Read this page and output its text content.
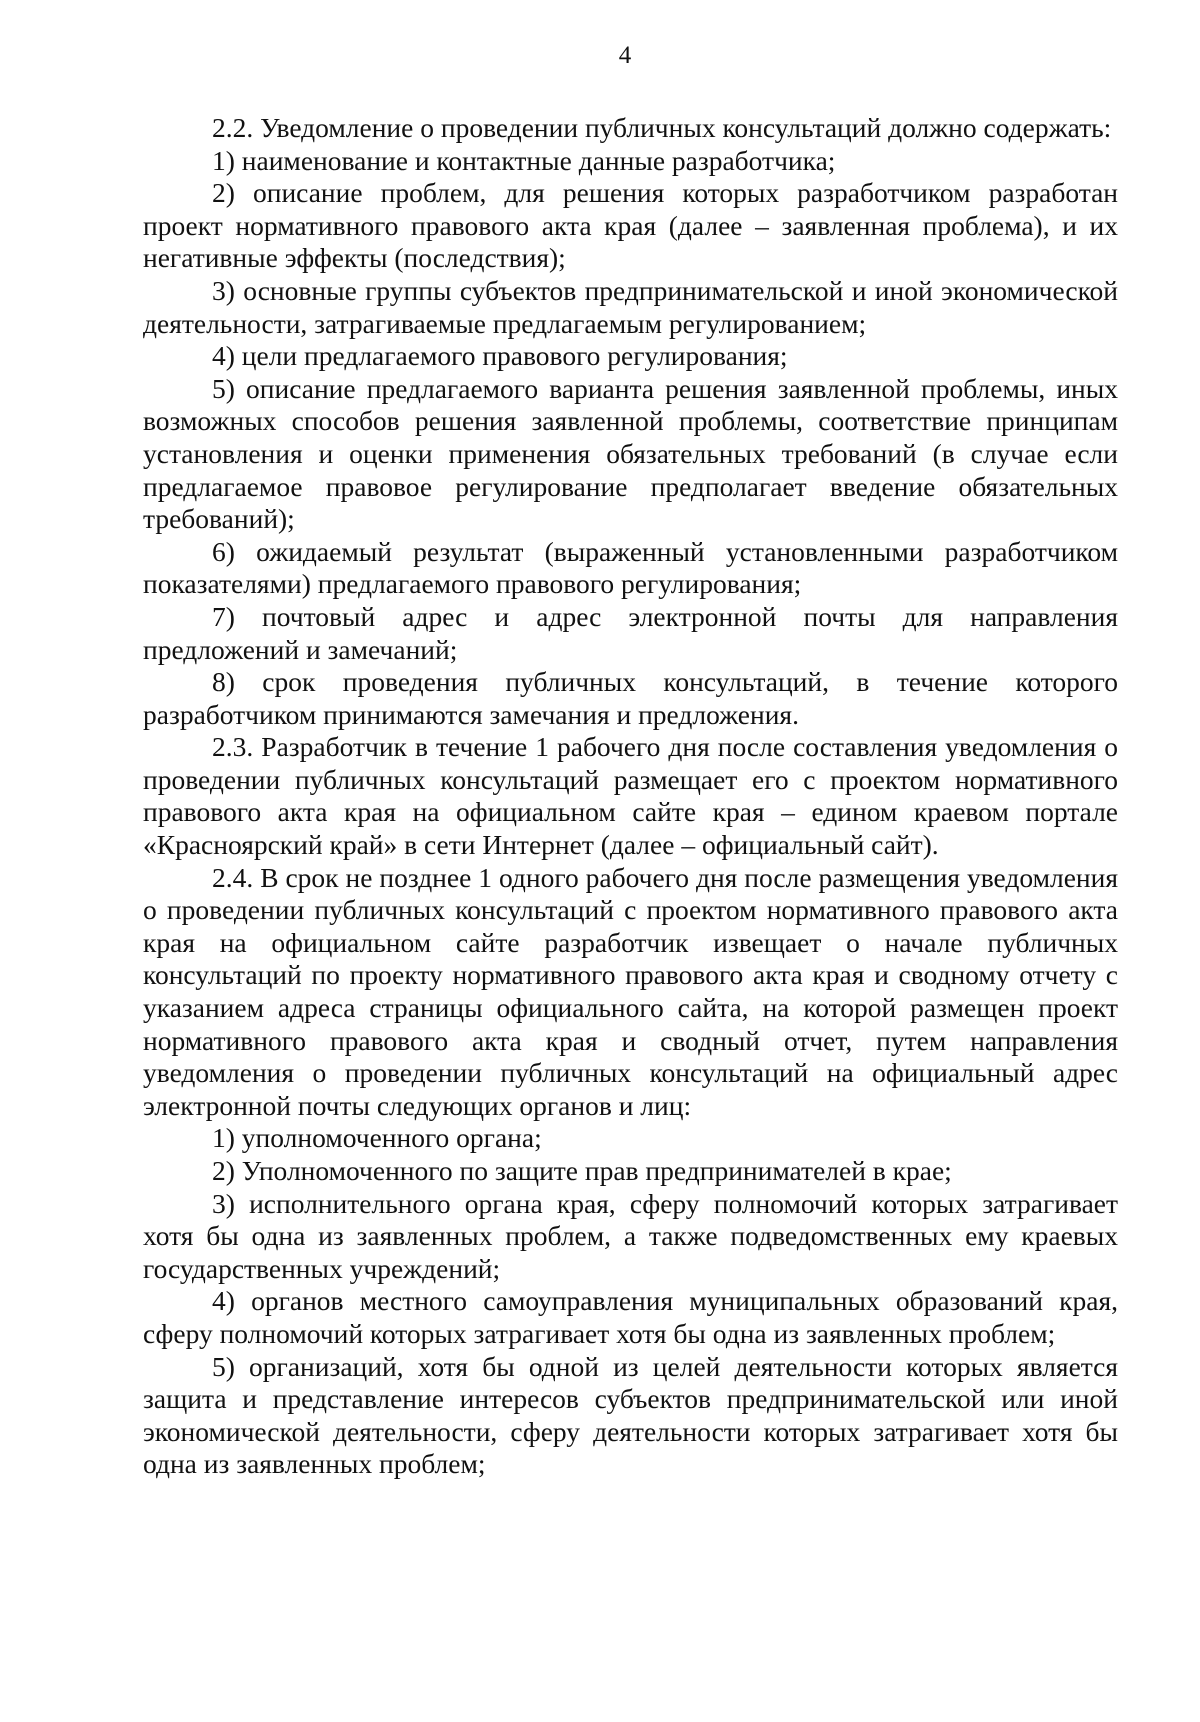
4

2.2. Уведомление о проведении публичных консультаций должно содержать:

1) наименование и контактные данные разработчика;

2) описание проблем, для решения которых разработчиком разработан проект нормативного правового акта края (далее – заявленная проблема), и их негативные эффекты (последствия);

3) основные группы субъектов предпринимательской и иной экономической деятельности, затрагиваемые предлагаемым регулированием;

4) цели предлагаемого правового регулирования;

5) описание предлагаемого варианта решения заявленной проблемы, иных возможных способов решения заявленной проблемы, соответствие принципам установления и оценки применения обязательных требований (в случае если предлагаемое правовое регулирование предполагает введение обязательных требований);

6) ожидаемый результат (выраженный установленными разработчиком показателями) предлагаемого правового регулирования;

7) почтовый адрес и адрес электронной почты для направления предложений и замечаний;

8) срок проведения публичных консультаций, в течение которого разработчиком принимаются замечания и предложения.

2.3. Разработчик в течение 1 рабочего дня после составления уведомления о проведении публичных консультаций размещает его с проектом нормативного правового акта края на официальном сайте края – едином краевом портале «Красноярский край» в сети Интернет (далее – официальный сайт).

2.4. В срок не позднее 1 одного рабочего дня после размещения уведомления о проведении публичных консультаций с проектом нормативного правового акта края на официальном сайте разработчик извещает о начале публичных консультаций по проекту нормативного правового акта края и сводному отчету с указанием адреса страницы официального сайта, на которой размещен проект нормативного правового акта края и сводный отчет, путем направления уведомления о проведении публичных консультаций на официальный адрес электронной почты следующих органов и лиц:

1) уполномоченного органа;

2) Уполномоченного по защите прав предпринимателей в крае;

3) исполнительного органа края, сферу полномочий которых затрагивает хотя бы одна из заявленных проблем, а также подведомственных ему краевых государственных учреждений;

4) органов местного самоуправления муниципальных образований края, сферу полномочий которых затрагивает хотя бы одна из заявленных проблем;

5) организаций, хотя бы одной из целей деятельности которых является защита и представление интересов субъектов предпринимательской или иной экономической деятельности, сферу деятельности которых затрагивает хотя бы одна из заявленных проблем;
